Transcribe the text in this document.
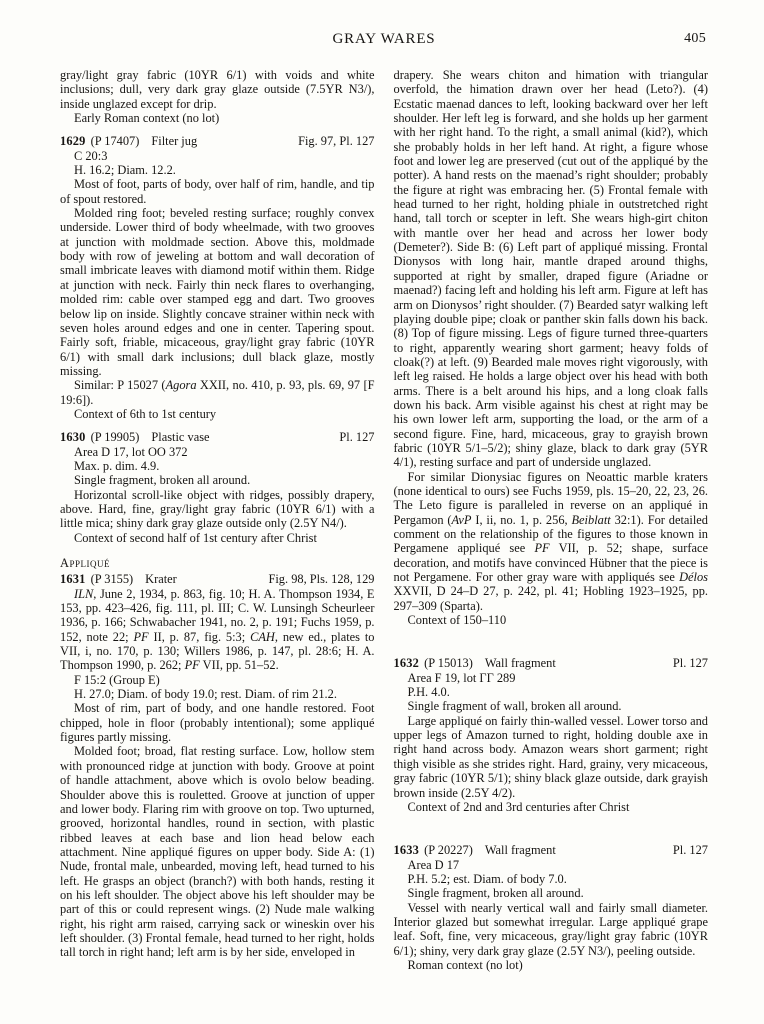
GRAY WARES	405

gray/light gray fabric (10YR 6/1) with voids and white inclusions; dull, very dark gray glaze outside (7.5YR N3/), inside unglazed except for drip.

Early Roman context (no lot)

1629 (P 17407) Filter jug	Fig. 97, Pl. 127

C 20:3

H. 16.2; Diam. 12.2.

Most of foot, parts of body, over half of rim, handle, and tip of spout restored.

Molded ring foot; beveled resting surface; roughly convex underside. Lower third of body wheelmade, with two grooves at junction with moldmade section. Above this, moldmade body with row of jeweling at bottom and wall decoration of small imbricate leaves with diamond motif within them. Ridge at junction with neck. Fairly thin neck flares to overhanging, molded rim: cable over stamped egg and dart. Two grooves below lip on inside. Slightly concave strainer within neck with seven holes around edges and one in center. Tapering spout. Fairly soft, friable, micaceous, gray/light gray fabric (10YR 6/1) with small dark inclusions; dull black glaze, mostly missing.

Similar: P 15027 (Agora XXII, no. 410, p. 93, pls. 69, 97 [F 19:6]).

Context of 6th to 1st century

1630 (P 19905) Plastic vase	Pl. 127

Area D 17, lot OO 372

Max. p. dim. 4.9.

Single fragment, broken all around.

Horizontal scroll-like object with ridges, possibly drapery, above. Hard, fine, gray/light gray fabric (10YR 6/1) with a little mica; shiny dark gray glaze outside only (2.5Y N4/).

Context of second half of 1st century after Christ

Appliqué

1631 (P 3155) Krater	Fig. 98, Pls. 128, 129

ILN, June 2, 1934, p. 863, fig. 10; H. A. Thompson 1934, E 153, pp. 423–426, fig. 111, pl. III; C. W. Lunsingh Scheurleer 1936, p. 166; Schwabacher 1941, no. 2, p. 191; Fuchs 1959, p. 152, note 22; PF II, p. 87, fig. 5:3; CAH, new ed., plates to VII, i, no. 170, p. 130; Willers 1986, p. 147, pl. 28:6; H. A. Thompson 1990, p. 262; PF VII, pp. 51–52.

F 15:2 (Group E)

H. 27.0; Diam. of body 19.0; rest. Diam. of rim 21.2.

Most of rim, part of body, and one handle restored. Foot chipped, hole in floor (probably intentional); some appliqué figures partly missing.

Molded foot; broad, flat resting surface. Low, hollow stem with pronounced ridge at junction with body. Groove at point of handle attachment, above which is ovolo below beading. Shoulder above this is rouletted. Groove at junction of upper and lower body. Flaring rim with groove on top. Two upturned, grooved, horizontal handles, round in section, with plastic ribbed leaves at each base and lion head below each attachment. Nine appliqué figures on upper body. Side A: (1) Nude, frontal male, unbearded, moving left, head turned to his left. He grasps an object (branch?) with both hands, resting it on his left shoulder. The object above his left shoulder may be part of this or could represent wings. (2) Nude male walking right, his right arm raised, carrying sack or wineskin over his left shoulder. (3) Frontal female, head turned to her right, holds tall torch in right hand; left arm is by her side, enveloped in

drapery. She wears chiton and himation with triangular overfold, the himation drawn over her head (Leto?). (4) Ecstatic maenad dances to left, looking backward over her left shoulder. Her left leg is forward, and she holds up her garment with her right hand. To the right, a small animal (kid?), which she probably holds in her left hand. At right, a figure whose foot and lower leg are preserved (cut out of the appliqué by the potter). A hand rests on the maenad’s right shoulder; probably the figure at right was embracing her. (5) Frontal female with head turned to her right, holding phiale in outstretched right hand, tall torch or scepter in left. She wears high-girt chiton with mantle over her head and across her lower body (Demeter?). Side B: (6) Left part of appliqué missing. Frontal Dionysos with long hair, mantle draped around thighs, supported at right by smaller, draped figure (Ariadne or maenad?) facing left and holding his left arm. Figure at left has arm on Dionysos’ right shoulder. (7) Bearded satyr walking left playing double pipe; cloak or panther skin falls down his back. (8) Top of figure missing. Legs of figure turned three-quarters to right, apparently wearing short garment; heavy folds of cloak(?) at left. (9) Bearded male moves right vigorously, with left leg raised. He holds a large object over his head with both arms. There is a belt around his hips, and a long cloak falls down his back. Arm visible against his chest at right may be his own lower left arm, supporting the load, or the arm of a second figure. Fine, hard, micaceous, gray to grayish brown fabric (10YR 5/1–5/2); shiny glaze, black to dark gray (5YR 4/1), resting surface and part of underside unglazed.

For similar Dionysiac figures on Neoattic marble kraters (none identical to ours) see Fuchs 1959, pls. 15–20, 22, 23, 26. The Leto figure is paralleled in reverse on an appliqué in Pergamon (AvP I, ii, no. 1, p. 256, Beiblatt 32:1). For detailed comment on the relationship of the figures to those known in Pergamene appliqué see PF VII, p. 52; shape, surface decoration, and motifs have convinced Hübner that the piece is not Pergamene. For other gray ware with appliqués see Délos XXVII, D 24–D 27, p. 242, pl. 41; Hobling 1923–1925, pp. 297–309 (Sparta).

Context of 150–110

1632 (P 15013) Wall fragment	Pl. 127

Area F 19, lot ΓΓ 289

P.H. 4.0.

Single fragment of wall, broken all around.

Large appliqué on fairly thin-walled vessel. Lower torso and upper legs of Amazon turned to right, holding double axe in right hand across body. Amazon wears short garment; right thigh visible as she strides right. Hard, grainy, very micaceous, gray fabric (10YR 5/1); shiny black glaze outside, dark grayish brown inside (2.5Y 4/2).

Context of 2nd and 3rd centuries after Christ

1633 (P 20227) Wall fragment	Pl. 127

Area D 17

P.H. 5.2; est. Diam. of body 7.0.

Single fragment, broken all around.

Vessel with nearly vertical wall and fairly small diameter. Interior glazed but somewhat irregular. Large appliqué grape leaf. Soft, fine, very micaceous, gray/light gray fabric (10YR 6/1); shiny, very dark gray glaze (2.5Y N3/), peeling outside.

Roman context (no lot)
